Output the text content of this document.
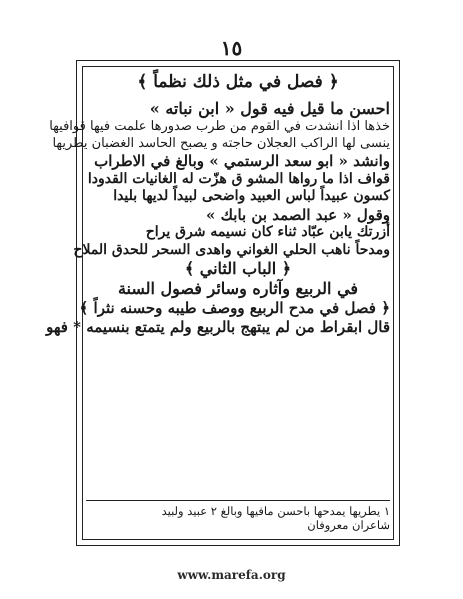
١٥

﴿ فصل في مثل ذلك نظماً ﴾

احسن ما قيل فيه قول « ابن نباته »

خذها اذا انشدت في القوم من طرب صدورها علمت فيها قوافيها

ينسى لها الراكب العجلان حاجته و يصبح الحاسد الغضبان يطريها

وانشد « ابو سعد الرستمي » وبالغ في الاطراب

قواف اذا ما رواها المشو ق هزّت له الغانيات القدودا

كسون عبيداً لباس العبيد واضحى لبيداً لديها بليدا

وقول « عبد الصمد بن بابك »

أزرتك يابن عبّاد ثناء كان نسيمه شرق يراح

ومدحاً ناهب الحلي الغواني واهدى السحر للحدق الملاح

﴿ الباب الثاني ﴾

في الربيع وآثاره وسائر فصول السنة

﴿ فصل في مدح الربيع ووصف طيبه وحسنه نثراً ﴾

قال ابقراط من لم يبتهج بالربيع ولم يتمتع بنسيمه * فهو

١ يطريها يمدحها باحسن مافيها وبالغ ٢ عبيد ولبيد

شاعران معروفان

www.marefa.org
